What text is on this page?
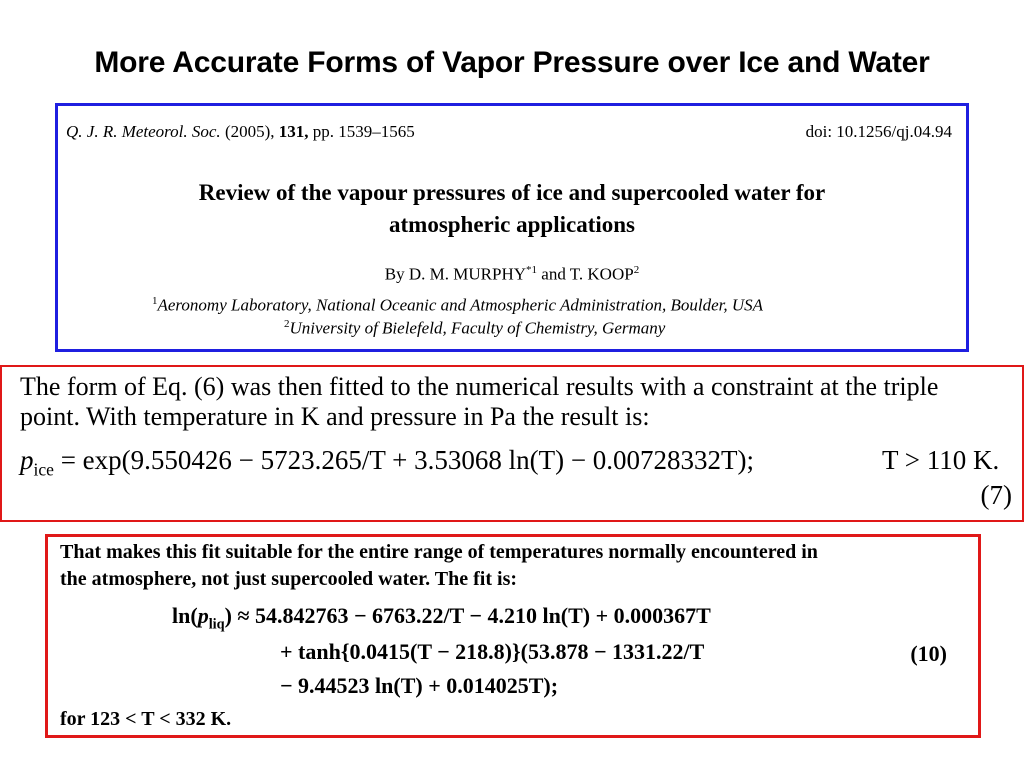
More Accurate Forms of Vapor Pressure over Ice and Water
Q. J. R. Meteorol. Soc. (2005), 131, pp. 1539–1565	doi: 10.1256/qj.04.94
Review of the vapour pressures of ice and supercooled water for
atmospheric applications
By D. M. MURPHY$^{*1}$ and T. KOOP$^2$
$^1$Aeronomy Laboratory, National Oceanic and Atmospheric Administration, Boulder, USA
$^2$University of Bielefeld, Faculty of Chemistry, Germany
The form of Eq. (6) was then fitted to the numerical results with a constraint at the triple
point. With temperature in K and pressure in Pa the result is:
$p_{ice} = \exp(9.550426 - 5723.265/T + 3.53068$ ln(T) − 0.00728332T);	T > 110 K.
(7)
That makes this fit suitable for the entire range of temperatures normally encountered in
the atmosphere, not just supercooled water. The fit is:
$\ln(p_{liq}) \approx 54.842763 - 6763.22/T - 4.210$ ln(T) + 0.000367T
+ tanh{0.0415(T − 218.8)}(53.878 − 1331.22/T
− 9.44523 ln(T) + 0.014025T);
(10)
for 123 < T < 332 K.
